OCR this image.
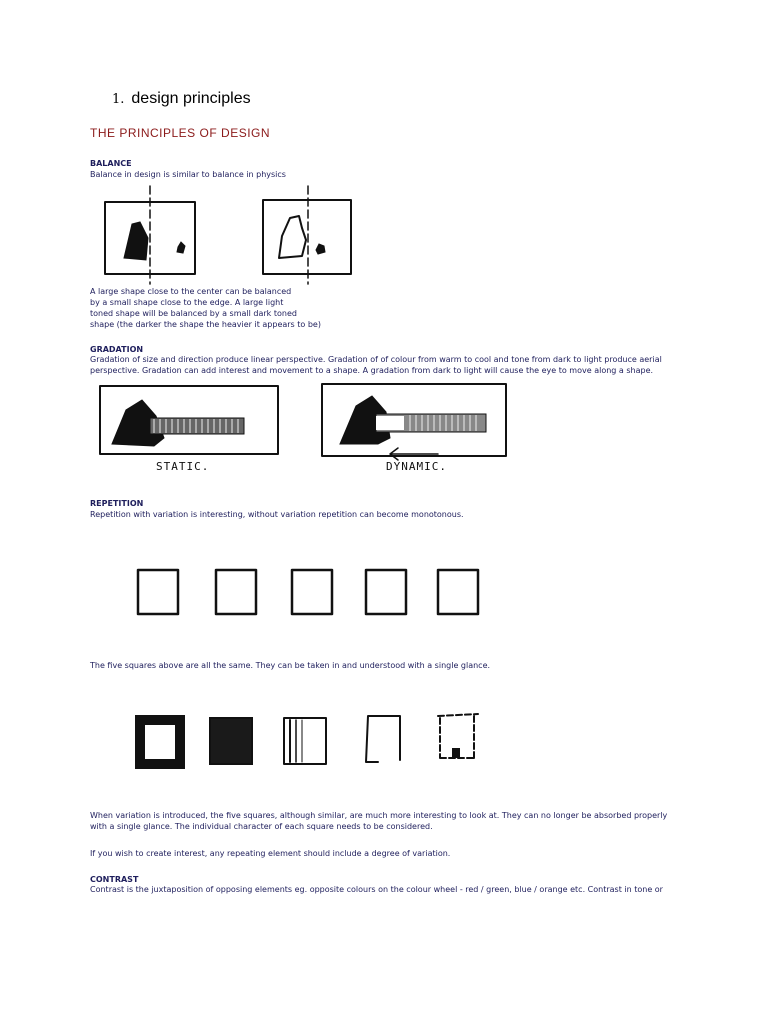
1. design principles
THE PRINCIPLES OF DESIGN
BALANCE
Balance in design is similar to balance in physics
A large shape close to the center can be balanced
by a small shape close to the edge. A large light
toned shape will be balanced by a small dark toned
shape (the darker the shape the heavier it appears to be)
GRADATION
Gradation of size and direction produce linear perspective. Gradation of of colour from warm to cool and tone from dark to light produce aerial
perspective. Gradation can add interest and movement to a shape. A gradation from dark to light will cause the eye to move along a shape.
STATIC.	DYNAMIC.
REPETITION
Repetition with variation is interesting, without variation repetition can become monotonous.
The five squares above are all the same. They can be taken in and understood with a single glance.
When variation is introduced, the five squares, although similar, are much more interesting to look at. They can no longer be absorbed properly
with a single glance. The individual character of each square needs to be considered.
If you wish to create interest, any repeating element should include a degree of variation.
CONTRAST
Contrast is the juxtaposition of opposing elements eg. opposite colours on the colour wheel - red / green, blue / orange etc. Contrast in tone or
